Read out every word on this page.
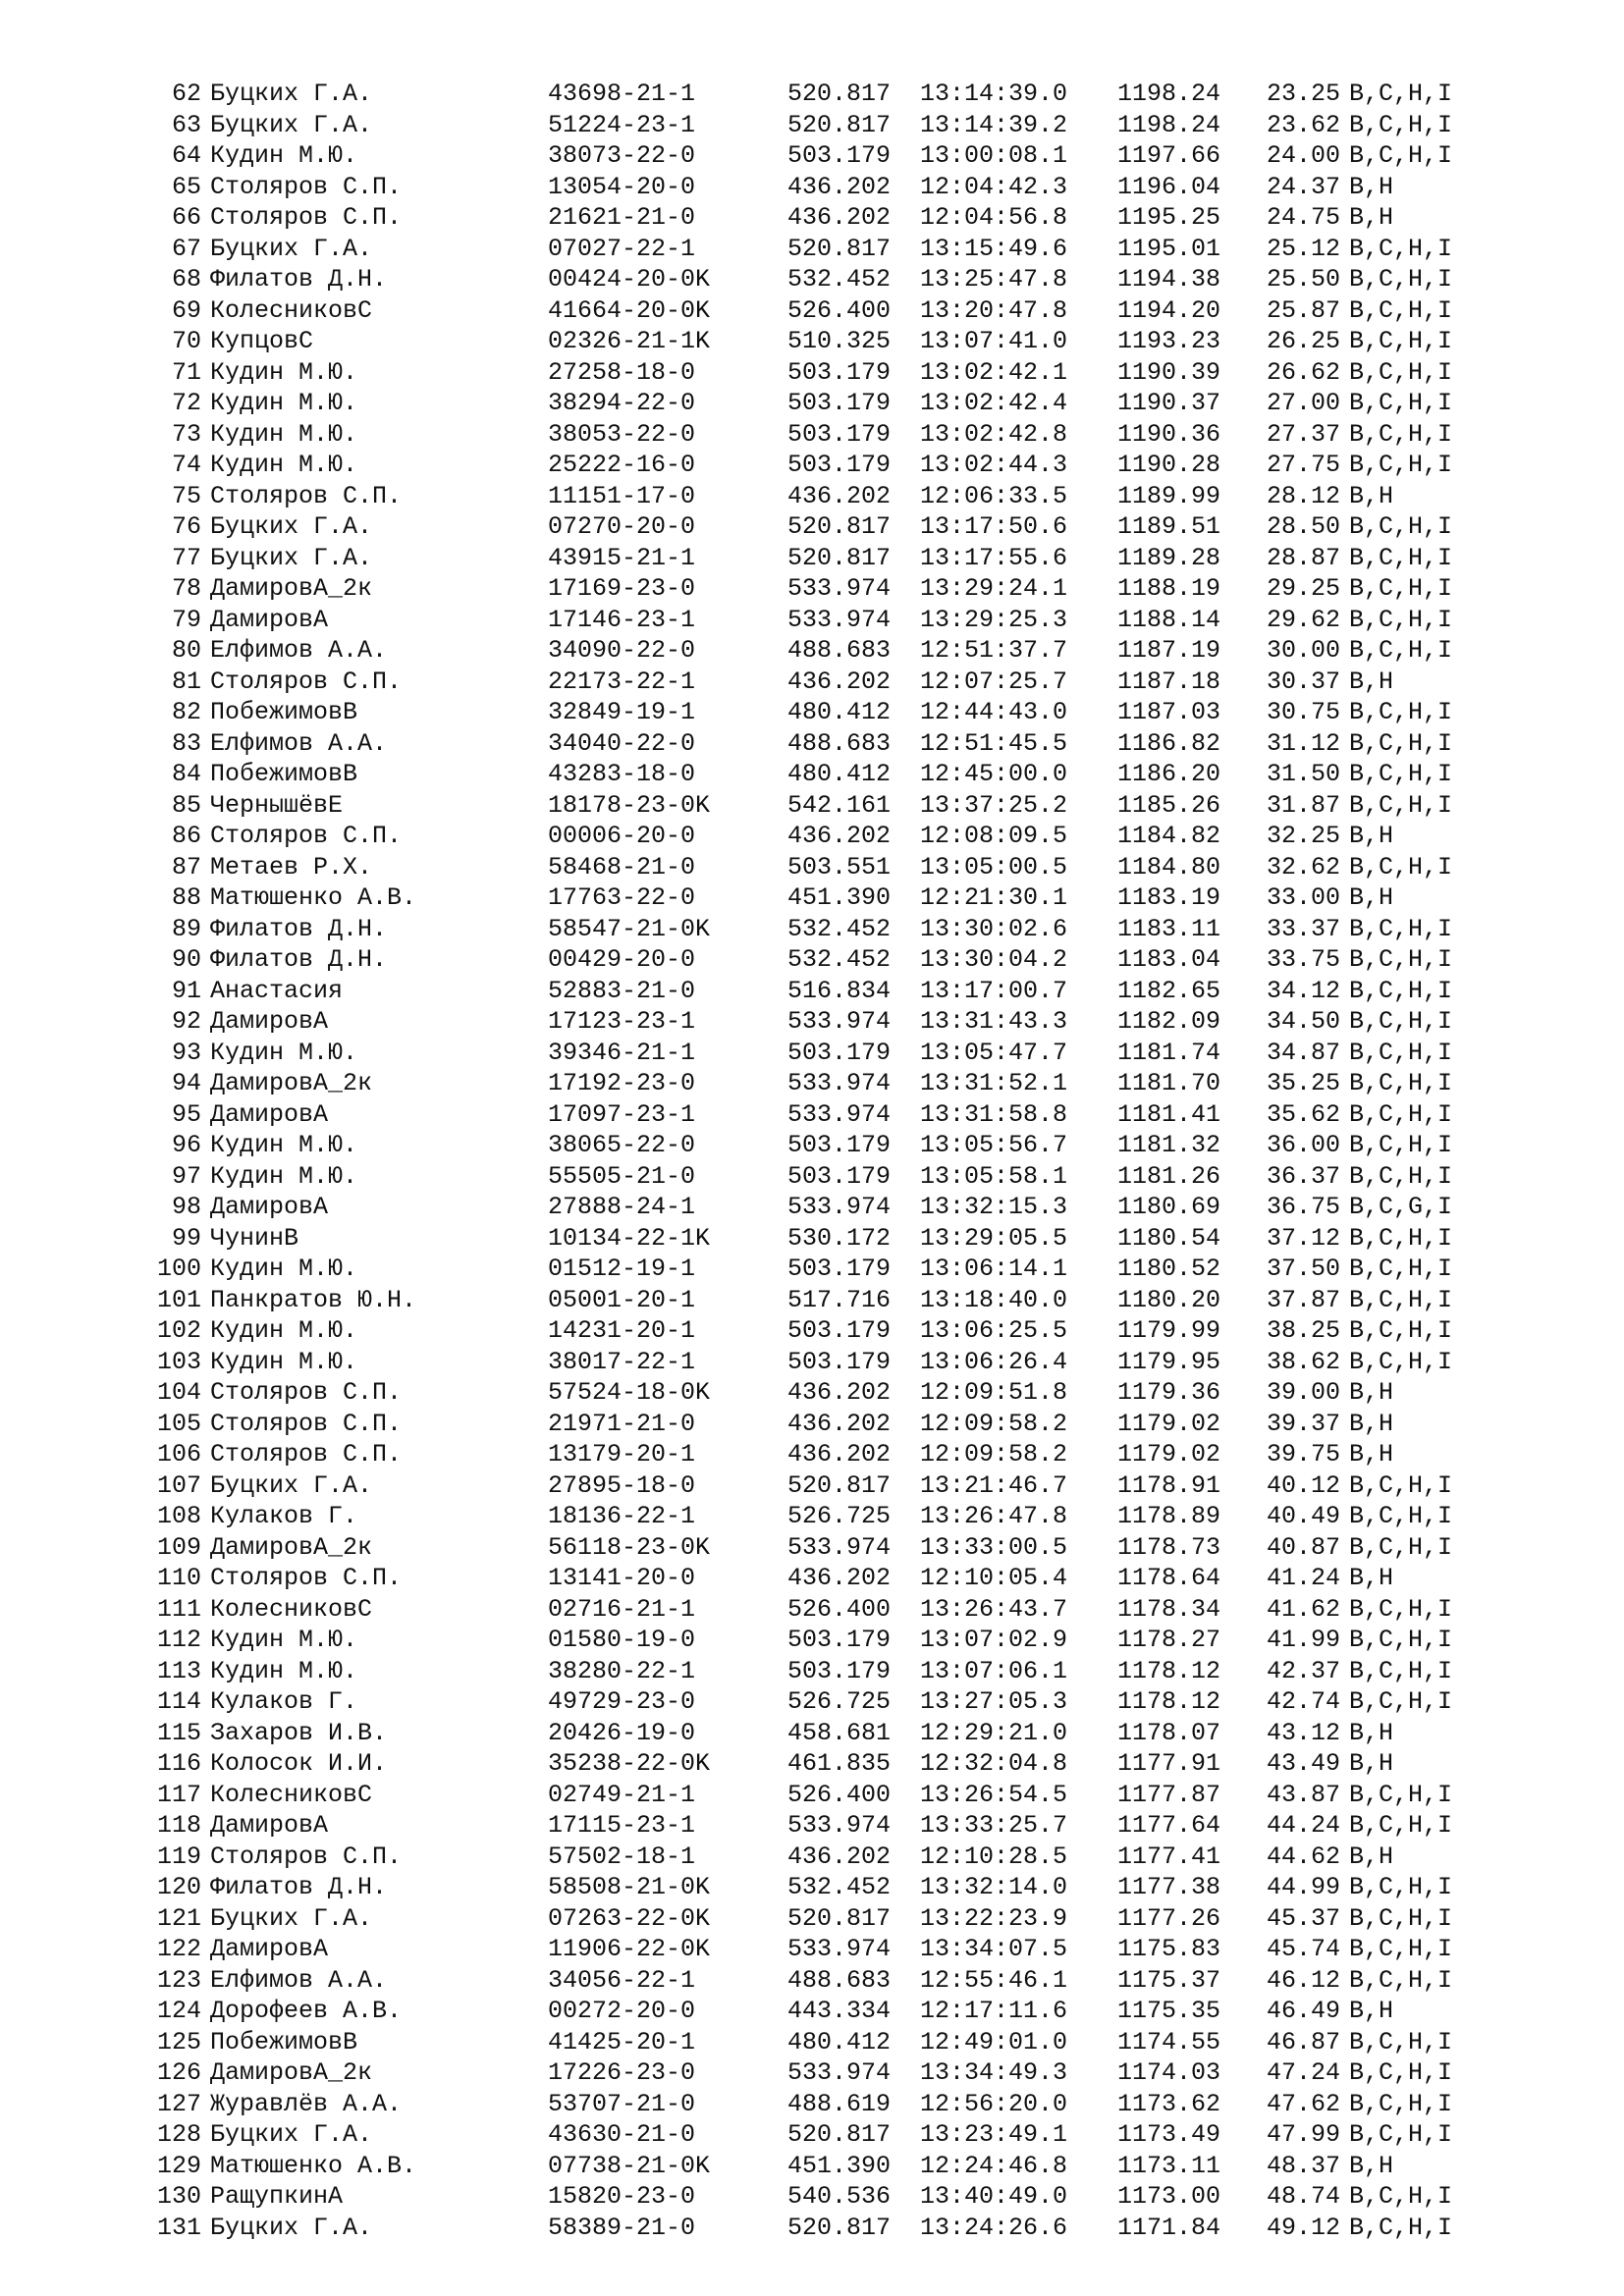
62 Буцких Г.А.	43698-21-1	520.817 13:14:39.0 1198.24 23.25 B,C,H,I
63 Буцких Г.А.	51224-23-1	520.817 13:14:39.2 1198.24 23.62 B,C,H,I
64 Кудин М.Ю.	38073-22-0	503.179 13:00:08.1 1197.66 24.00 B,C,H,I
65 Столяров С.П.	13054-20-0	436.202 12:04:42.3 1196.04 24.37 B,H
66 Столяров С.П.	21621-21-0	436.202 12:04:56.8 1195.25 24.75 B,H
67 Буцких Г.А.	07027-22-1	520.817 13:15:49.6 1195.01 25.12 B,C,H,I
68 Филатов Д.Н.	00424-20-0K	532.452 13:25:47.8 1194.38 25.50 B,C,H,I
69 КолесниковС	41664-20-0K	526.400 13:20:47.8 1194.20 25.87 B,C,H,I
70 КупцовС	02326-21-1K	510.325 13:07:41.0 1193.23 26.25 B,C,H,I
71 Кудин М.Ю.	27258-18-0	503.179 13:02:42.1 1190.39 26.62 B,C,H,I
72 Кудин М.Ю.	38294-22-0	503.179 13:02:42.4 1190.37 27.00 B,C,H,I
73 Кудин М.Ю.	38053-22-0	503.179 13:02:42.8 1190.36 27.37 B,C,H,I
74 Кудин М.Ю.	25222-16-0	503.179 13:02:44.3 1190.28 27.75 B,C,H,I
75 Столяров С.П.	11151-17-0	436.202 12:06:33.5 1189.99 28.12 B,H
76 Буцких Г.А.	07270-20-0	520.817 13:17:50.6 1189.51 28.50 B,C,H,I
77 Буцких Г.А.	43915-21-1	520.817 13:17:55.6 1189.28 28.87 B,C,H,I
78 ДамировА_2к	17169-23-0	533.974 13:29:24.1 1188.19 29.25 B,C,H,I
79 ДамировА	17146-23-1	533.974 13:29:25.3 1188.14 29.62 B,C,H,I
80 Елфимов А.А.	34090-22-0	488.683 12:51:37.7 1187.19 30.00 B,C,H,I
81 Столяров С.П.	22173-22-1	436.202 12:07:25.7 1187.18 30.37 B,H
82 ПобежимовВ	32849-19-1	480.412 12:44:43.0 1187.03 30.75 B,C,H,I
83 Елфимов А.А.	34040-22-0	488.683 12:51:45.5 1186.82 31.12 B,C,H,I
84 ПобежимовВ	43283-18-0	480.412 12:45:00.0 1186.20 31.50 B,C,H,I
85 ЧернышёвЕ	18178-23-0K	542.161 13:37:25.2 1185.26 31.87 B,C,H,I
86 Столяров С.П.	00006-20-0	436.202 12:08:09.5 1184.82 32.25 B,H
87 Метаев Р.Х.	58468-21-0	503.551 13:05:00.5 1184.80 32.62 B,C,H,I
88 Матюшенко А.В.	17763-22-0	451.390 12:21:30.1 1183.19 33.00 B,H
89 Филатов Д.Н.	58547-21-0K	532.452 13:30:02.6 1183.11 33.37 B,C,H,I
90 Филатов Д.Н.	00429-20-0	532.452 13:30:04.2 1183.04 33.75 B,C,H,I
91 Анастасия	52883-21-0	516.834 13:17:00.7 1182.65 34.12 B,C,H,I
92 ДамировА	17123-23-1	533.974 13:31:43.3 1182.09 34.50 B,C,H,I
93 Кудин М.Ю.	39346-21-1	503.179 13:05:47.7 1181.74 34.87 B,C,H,I
94 ДамировА_2к	17192-23-0	533.974 13:31:52.1 1181.70 35.25 B,C,H,I
95 ДамировА	17097-23-1	533.974 13:31:58.8 1181.41 35.62 B,C,H,I
96 Кудин М.Ю.	38065-22-0	503.179 13:05:56.7 1181.32 36.00 B,C,H,I
97 Кудин М.Ю.	55505-21-0	503.179 13:05:58.1 1181.26 36.37 B,C,H,I
98 ДамировА	27888-24-1	533.974 13:32:15.3 1180.69 36.75 B,C,G,I
99 ЧунинВ	10134-22-1K	530.172 13:29:05.5 1180.54 37.12 B,C,H,I
100 Кудин М.Ю.	01512-19-1	503.179 13:06:14.1 1180.52 37.50 B,C,H,I
101 Панкратов Ю.Н.	05001-20-1	517.716 13:18:40.0 1180.20 37.87 B,C,H,I
102 Кудин М.Ю.	14231-20-1	503.179 13:06:25.5 1179.99 38.25 B,C,H,I
103 Кудин М.Ю.	38017-22-1	503.179 13:06:26.4 1179.95 38.62 B,C,H,I
104 Столяров С.П.	57524-18-0K	436.202 12:09:51.8 1179.36 39.00 B,H
105 Столяров С.П.	21971-21-0	436.202 12:09:58.2 1179.02 39.37 B,H
106 Столяров С.П.	13179-20-1	436.202 12:09:58.2 1179.02 39.75 B,H
107 Буцких Г.А.	27895-18-0	520.817 13:21:46.7 1178.91 40.12 B,C,H,I
108 Кулаков Г.	18136-22-1	526.725 13:26:47.8 1178.89 40.49 B,C,H,I
109 ДамировА_2к	56118-23-0K	533.974 13:33:00.5 1178.73 40.87 B,C,H,I
110 Столяров С.П.	13141-20-0	436.202 12:10:05.4 1178.64 41.24 B,H
111 КолесниковС	02716-21-1	526.400 13:26:43.7 1178.34 41.62 B,C,H,I
112 Кудин М.Ю.	01580-19-0	503.179 13:07:02.9 1178.27 41.99 B,C,H,I
113 Кудин М.Ю.	38280-22-1	503.179 13:07:06.1 1178.12 42.37 B,C,H,I
114 Кулаков Г.	49729-23-0	526.725 13:27:05.3 1178.12 42.74 B,C,H,I
115 Захаров И.В.	20426-19-0	458.681 12:29:21.0 1178.07 43.12 B,H
116 Колосок И.И.	35238-22-0K	461.835 12:32:04.8 1177.91 43.49 B,H
117 КолесниковС	02749-21-1	526.400 13:26:54.5 1177.87 43.87 B,C,H,I
118 ДамировА	17115-23-1	533.974 13:33:25.7 1177.64 44.24 B,C,H,I
119 Столяров С.П.	57502-18-1	436.202 12:10:28.5 1177.41 44.62 B,H
120 Филатов Д.Н.	58508-21-0K	532.452 13:32:14.0 1177.38 44.99 B,C,H,I
121 Буцких Г.А.	07263-22-0K	520.817 13:22:23.9 1177.26 45.37 B,C,H,I
122 ДамировА	11906-22-0K	533.974 13:34:07.5 1175.83 45.74 B,C,H,I
123 Елфимов А.А.	34056-22-1	488.683 12:55:46.1 1175.37 46.12 B,C,H,I
124 Дорофеев А.В.	00272-20-0	443.334 12:17:11.6 1175.35 46.49 B,H
125 ПобежимовВ	41425-20-1	480.412 12:49:01.0 1174.55 46.87 B,C,H,I
126 ДамировА_2к	17226-23-0	533.974 13:34:49.3 1174.03 47.24 B,C,H,I
127 Журавлёв А.А.	53707-21-0	488.619 12:56:20.0 1173.62 47.62 B,C,H,I
128 Буцких Г.А.	43630-21-0	520.817 13:23:49.1 1173.49 47.99 B,C,H,I
129 Матюшенко А.В.	07738-21-0K	451.390 12:24:46.8 1173.11 48.37 B,H
130 РащупкинА	15820-23-0	540.536 13:40:49.0 1173.00 48.74 B,C,H,I
131 Буцких Г.А.	58389-21-0	520.817 13:24:26.6 1171.84 49.12 B,C,H,I
